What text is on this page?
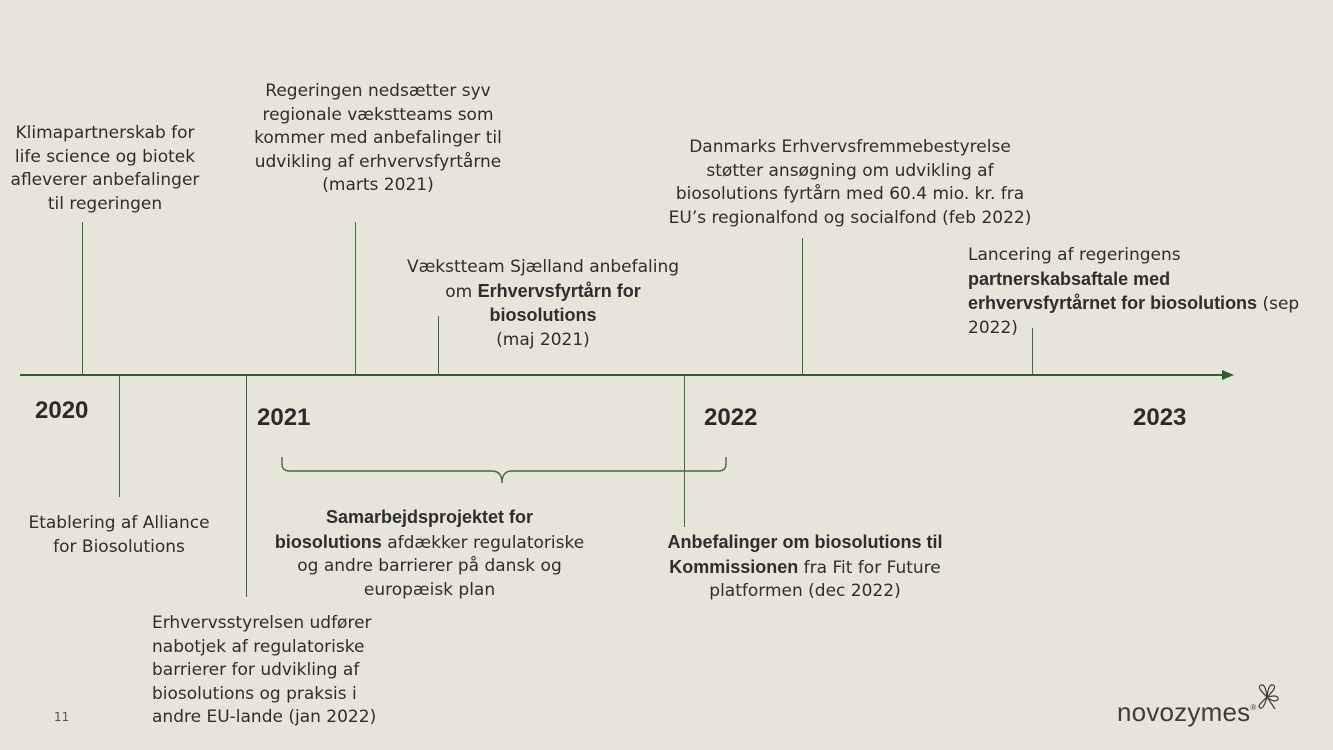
2020	2021	2022	2023
Klimapartnerskab for
life science og biotek
afleverer anbefalinger
til regeringen
Regeringen nedsætter syv
regionale vækstteams som
kommer med anbefalinger til
udvikling af erhvervsfyrtårne
(marts 2021)
Vækstteam Sjælland anbefaling
om Erhvervsfyrtårn for
biosolutions
(maj 2021)
Danmarks Erhvervsfremmebestyrelse
støtter ansøgning om udvikling af
biosolutions fyrtårn med 60.4 mio. kr. fra
EU’s regionalfond og socialfond (feb 2022)
Lancering af regeringens
partnerskabsaftale med
erhvervsfyrtårnet for biosolutions (sep
2022)
Etablering af Alliance
for Biosolutions
Erhvervsstyrelsen udfører
nabotjek af regulatoriske
barrierer for udvikling af
biosolutions og praksis i
andre EU-lande (jan 2022)
Samarbejdsprojektet for
biosolutions afdækker regulatoriske
og andre barrierer på dansk og
europæisk plan
Anbefalinger om biosolutions til
Kommissionen fra Fit for Future
platformen (dec 2022)
11	novozymes®
